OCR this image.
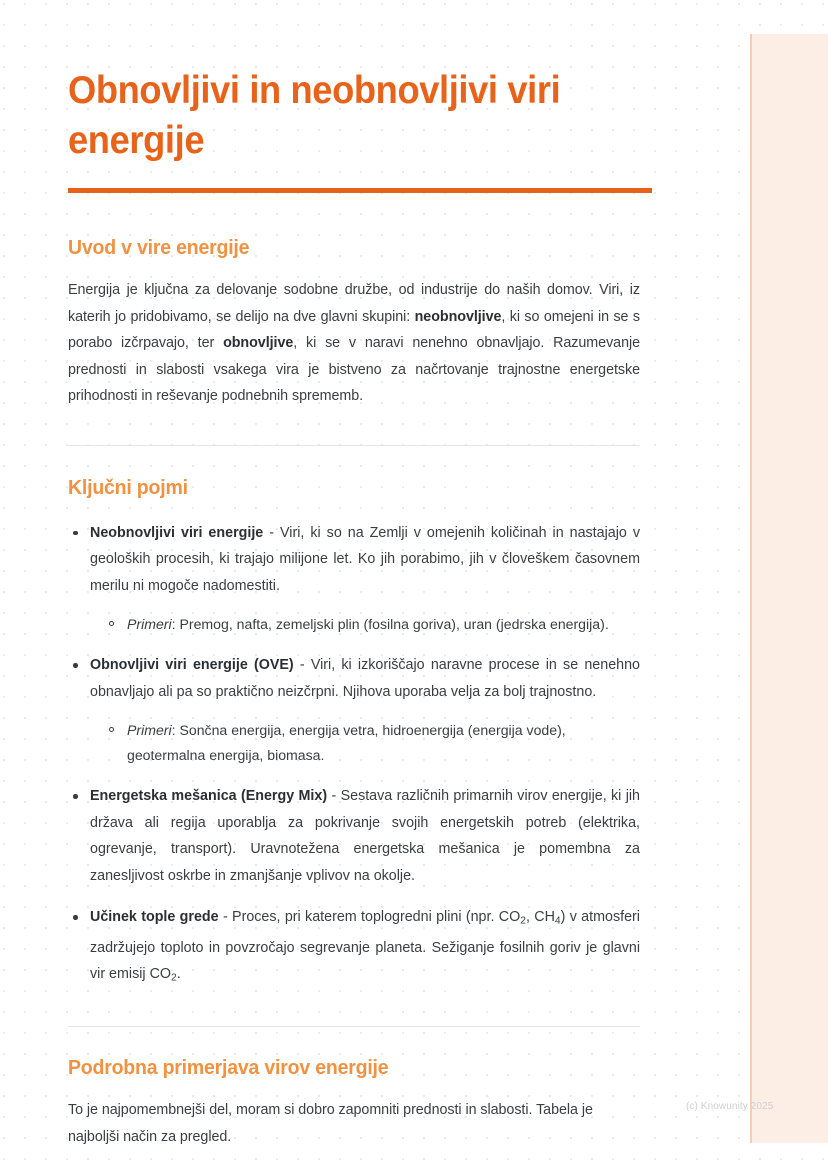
Obnovljivi in neobnovljivi viri energije
Uvod v vire energije

Energija je ključna za delovanje sodobne družbe, od industrije do naših domov. Viri, iz katerih jo pridobivamo, se delijo na dve glavni skupini: neobnovljive, ki so omejeni in se s porabo izčrpavajo, ter obnovljive, ki se v naravi nenehno obnavljajo. Razumevanje prednosti in slabosti vsakega vira je bistveno za načrtovanje trajnostne energetske prihodnosti in reševanje podnebnih sprememb.

Ključni pojmi
Neobnovljivi viri energije - Viri, ki so na Zemlji v omejenih količinah in nastajajo v geoloških procesih, ki trajajo milijone let. Ko jih porabimo, jih v človeškem časovnem merilu ni mogoče nadomestiti.
Primeri: Premog, nafta, zemeljski plin (fosilna goriva), uran (jedrska energija).
Obnovljivi viri energije (OVE) - Viri, ki izkoriščajo naravne procese in se nenehno obnavljajo ali pa so praktično neizčrpni. Njihova uporaba velja za bolj trajnostno.
Primeri: Sončna energija, energija vetra, hidroenergija (energija vode), geotermalna energija, biomasa.
Energetska mešanica (Energy Mix) - Sestava različnih primarnih virov energije, ki jih država ali regija uporablja za pokrivanje svojih energetskih potreb (elektrika, ogrevanje, transport). Uravnotežena energetska mešanica je pomembna za zanesljivost oskrbe in zmanjšanje vplivov na okolje.
Učinek tople grede - Proces, pri katerem toplogredni plini (npr. $CO_2$, $CH_4$) v atmosferi zadržujejo toploto in povzročajo segrevanje planeta. Sežiganje fosilnih goriv je glavni vir emisij $CO_2$.
Podrobna primerjava virov energije

To je najpomembnejši del, moram si dobro zapomniti prednosti in slabosti. Tabela je najboljši način za pregled.

(c) Knowunity 2025
